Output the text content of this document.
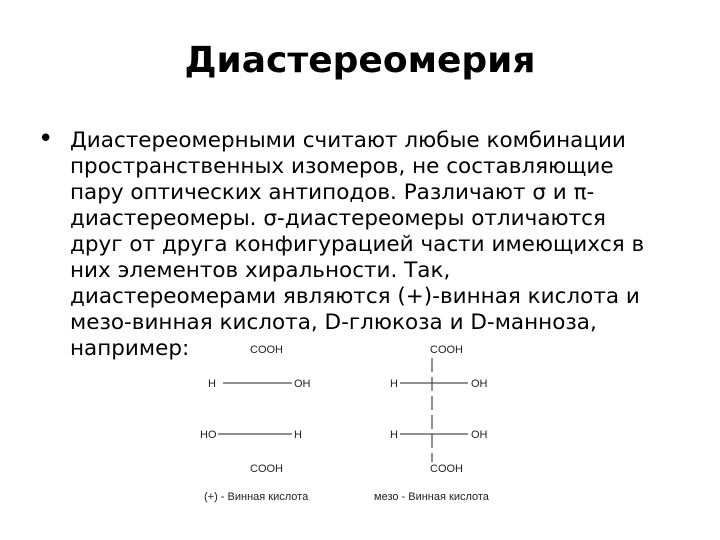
Диастереомерия
• Диастереомерными считают любые комбинации
пространственных изомеров, не составляющие
пару оптических антиподов. Различают σ и π-
диастереомеры. σ-диастереомеры отличаются
друг от друга конфигурацией части имеющихся в
них элементов хиральности. Так,
диастереомерами являются (+)-винная кислота и
мезо-винная кислота, D-глюкоза и D-манноза,
например:	COOH
H	OH
HO	H
COOH
(+) - Винная кислота
COOH
H	OH
H	OH
COOH
мезо - Винная кислота
